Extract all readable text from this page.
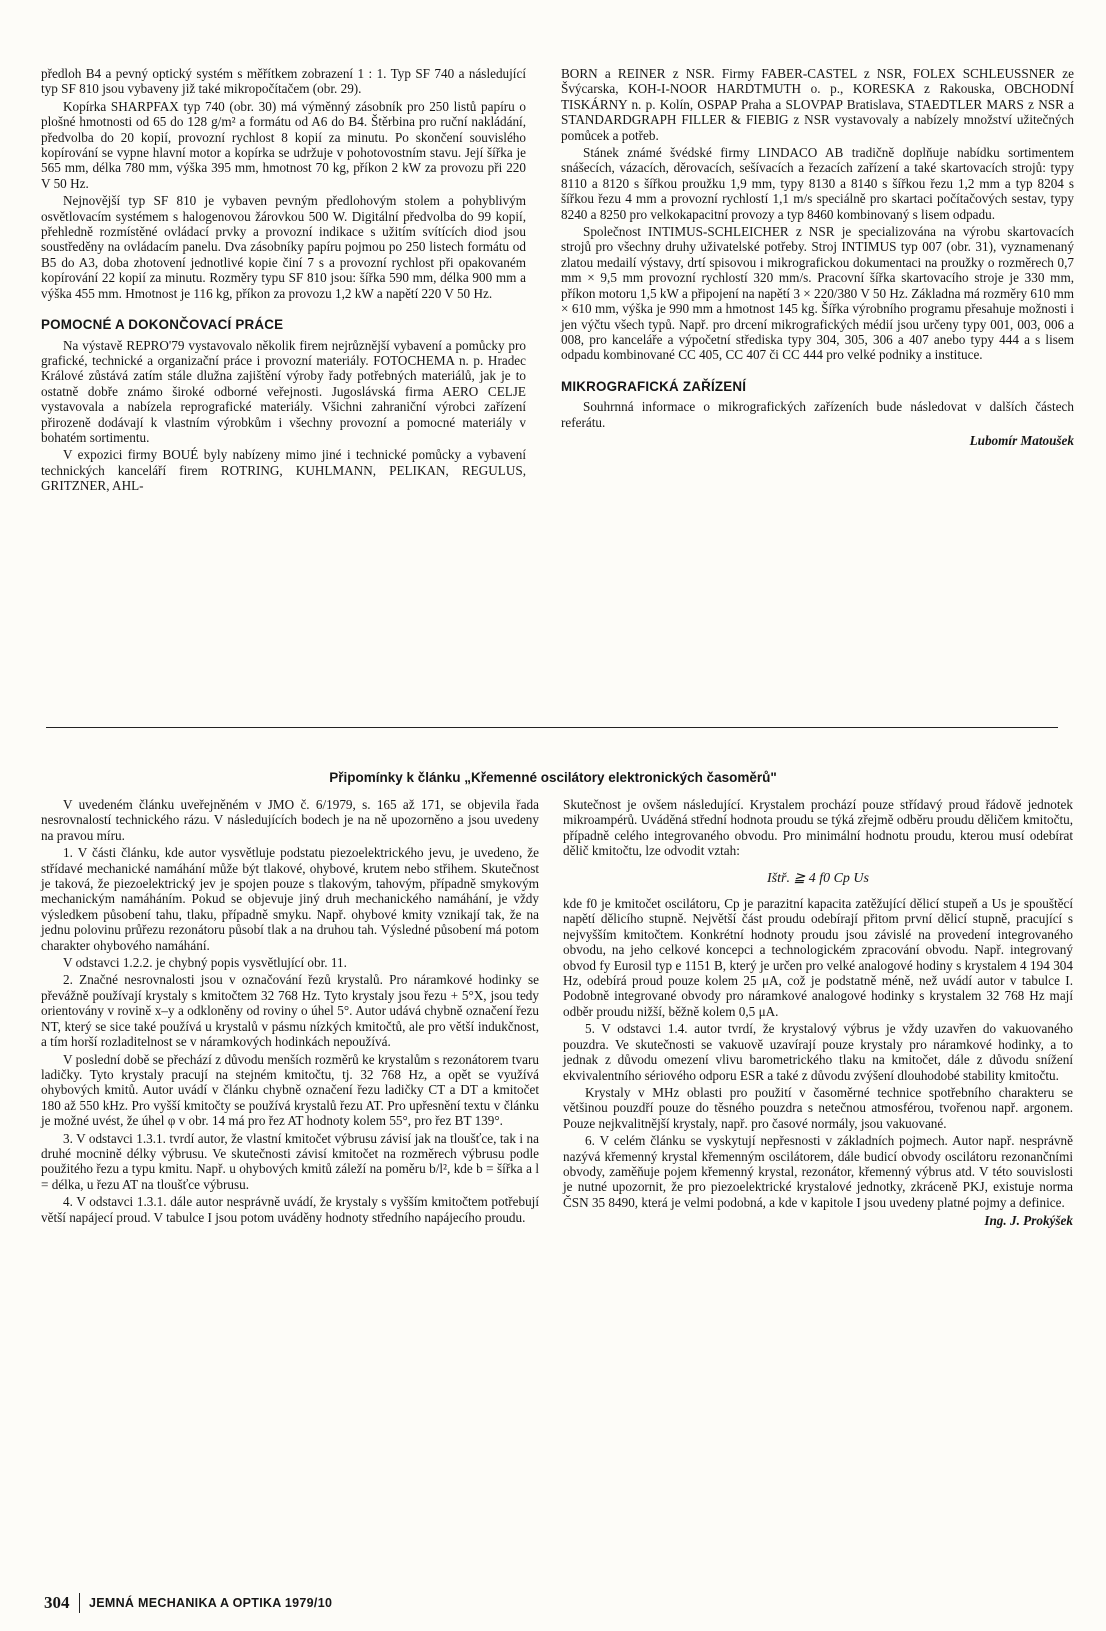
předloh B4 a pevný optický systém s měřítkem zobrazení 1 : 1. Typ SF 740 a následující typ SF 810 jsou vybaveny již také mikropočítačem (obr. 29).

Kopírka SHARPFAX typ 740 (obr. 30) má výměnný zásobník pro 250 listů papíru o plošné hmotnosti od 65 do 128 g/m² a formátu od A6 do B4. Štěrbina pro ruční nakládání, předvolba do 20 kopií, provozní rychlost 8 kopií za minutu. Po skončení souvislého kopírování se vypne hlavní motor a kopírka se udržuje v pohotovostním stavu. Její šířka je 565 mm, délka 780 mm, výška 395 mm, hmotnost 70 kg, příkon 2 kW za provozu při 220 V 50 Hz.

Nejnovější typ SF 810 je vybaven pevným předlohovým stolem a pohyblivým osvětlovacím systémem s halogenovou žárovkou 500 W. Digitální předvolba do 99 kopií, přehledně rozmístěné ovládací prvky a provozní indikace s užitím svítících diod jsou soustředěny na ovládacím panelu. Dva zásobníky papíru pojmou po 250 listech formátu od B5 do A3, doba zhotovení jednotlivé kopie činí 7 s a provozní rychlost při opakovaném kopírování 22 kopií za minutu. Rozměry typu SF 810 jsou: šířka 590 mm, délka 900 mm a výška 455 mm. Hmotnost je 116 kg, příkon za provozu 1,2 kW a napětí 220 V 50 Hz.

POMOCNÉ A DOKONČOVACÍ PRÁCE

Na výstavě REPRO'79 vystavovalo několik firem nejrůznější vybavení a pomůcky pro grafické, technické a organizační práce i provozní materiály. FOTOCHEMA n. p. Hradec Králové zůstává zatím stále dlužna zajištění výroby řady potřebných materiálů, jak je to ostatně dobře známo široké odborné veřejnosti. Jugoslávská firma AERO CELJE vystavovala a nabízela reprografické materiály. Všichni zahraniční výrobci zařízení přirozeně dodávají k vlastním výrobkům i všechny provozní a pomocné materiály v bohatém sortimentu.

V expozici firmy BOUÉ byly nabízeny mimo jiné i technické pomůcky a vybavení technických kanceláří firem ROTRING, KUHLMANN, PELIKAN, REGULUS, GRITZNER, AHL-

BORN a REINER z NSR. Firmy FABER-CASTEL z NSR, FOLEX SCHLEUSSNER ze Švýcarska, KOH-I-NOOR HARDTMUTH o. p., KORESKA z Rakouska, OBCHODNÍ TISKÁRNY n. p. Kolín, OSPAP Praha a SLOVPAP Bratislava, STAEDTLER MARS z NSR a STANDARDGRAPH FILLER & FIEBIG z NSR vystavovaly a nabízely množství užitečných pomůcek a potřeb.

Stánek známé švédské firmy LINDACO AB tradičně doplňuje nabídku sortimentem snášecích, vázacích, děrovacích, sešívacích a řezacích zařízení a také skartovacích strojů: typy 8110 a 8120 s šířkou proužku 1,9 mm, typy 8130 a 8140 s šířkou řezu 1,2 mm a typ 8204 s šířkou řezu 4 mm a provozní rychlostí 1,1 m/s speciálně pro skartaci počítačových sestav, typy 8240 a 8250 pro velkokapacitní provozy a typ 8460 kombinovaný s lisem odpadu.

Společnost INTIMUS-SCHLEICHER z NSR je specializována na výrobu skartovacích strojů pro všechny druhy uživatelské potřeby. Stroj INTIMUS typ 007 (obr. 31), vyznamenaný zlatou medailí výstavy, drtí spisovou i mikrografickou dokumentaci na proužky o rozměrech 0,7 mm × 9,5 mm provozní rychlostí 320 mm/s. Pracovní šířka skartovacího stroje je 330 mm, příkon motoru 1,5 kW a připojení na napětí 3 × 220/380 V 50 Hz. Základna má rozměry 610 mm × 610 mm, výška je 990 mm a hmotnost 145 kg. Šířka výrobního programu přesahuje možnosti i jen výčtu všech typů. Např. pro drcení mikrografických médií jsou určeny typy 001, 003, 006 a 008, pro kanceláře a výpočetní střediska typy 304, 305, 306 a 407 anebo typy 444 a s lisem odpadu kombinované CC 405, CC 407 či CC 444 pro velké podniky a instituce.

MIKROGRAFICKÁ ZAŘÍZENÍ

Souhrnná informace o mikrografických zařízeních bude následovat v dalších částech referátu.

Lubomír Matoušek
Připomínky k článku „Křemenné oscilátory elektronických časoměrů"

V uvedeném článku uveřejněném v JMO č. 6/1979, s. 165 až 171, se objevila řada nesrovnalostí technického rázu. V následujících bodech je na ně upozorněno a jsou uvedeny na pravou míru.

1. V části článku, kde autor vysvětluje podstatu piezoelektrického jevu, je uvedeno, že střídavé mechanické namáhání může být tlakové, ohybové, krutem nebo střihem. Skutečnost je taková, že piezoelektrický jev je spojen pouze s tlakovým, tahovým, případně smykovým mechanickým namáháním. Pokud se objevuje jiný druh mechanického namáhání, je vždy výsledkem působení tahu, tlaku, případně smyku. Např. ohybové kmity vznikají tak, že na jednu polovinu průřezu rezonátoru působí tlak a na druhou tah. Výsledné působení má potom charakter ohybového namáhání.

V odstavci 1.2.2. je chybný popis vysvětlující obr. 11.

2. Značné nesrovnalosti jsou v označování řezů krystalů. Pro náramkové hodinky se převážně používají krystaly s kmitočtem 32 768 Hz. Tyto krystaly jsou řezu + 5°X, jsou tedy orientovány v rovině x–y a odkloněny od roviny o úhel 5°. Autor udává chybně označení řezu NT, který se sice také používá u krystalů v pásmu nízkých kmitočtů, ale pro větší indukčnost, a tím horší rozladitelnost se v náramkových hodinkách nepoužívá.

V poslední době se přechází z důvodu menších rozměrů ke krystalům s rezonátorem tvaru ladičky. Tyto krystaly pracují na stejném kmitočtu, tj. 32 768 Hz, a opět se využívá ohybových kmitů. Autor uvádí v článku chybně označení řezu ladičky CT a DT a kmitočet 180 až 550 kHz. Pro vyšší kmitočty se používá krystalů řezu AT. Pro upřesnění textu v článku je možné uvést, že úhel φ v obr. 14 má pro řez AT hodnoty kolem 55°, pro řez BT 139°.

3. V odstavci 1.3.1. tvrdí autor, že vlastní kmitočet výbrusu závisí jak na tloušťce, tak i na druhé mocnině délky výbrusu. Ve skutečnosti závisí kmitočet na rozměrech výbrusu podle použitého řezu a typu kmitu. Např. u ohybových kmitů záleží na poměru b/l², kde b = šířka a l = délka, u řezu AT na tloušťce výbrusu.

4. V odstavci 1.3.1. dále autor nesprávně uvádí, že krystaly s vyšším kmitočtem potřebují větší napájecí proud. V tabulce I jsou potom uváděny hodnoty středního napájecího proudu.

Skutečnost je ovšem následující. Krystalem prochází pouze střídavý proud řádově jednotek mikroampérů. Uváděná střední hodnota proudu se týká zřejmě odběru proudu děličem kmitočtu, případně celého integrovaného obvodu. Pro minimální hodnotu proudu, kterou musí odebírat dělič kmitočtu, lze odvodit vztah:

Ištř. ≧ 4 f0 Cp Us

kde f0 je kmitočet oscilátoru, Cp je parazitní kapacita zatěžující dělicí stupeň a Us je spouštěcí napětí dělicího stupně. Největší část proudu odebírají přitom první dělicí stupně, pracující s nejvyšším kmitočtem. Konkrétní hodnoty proudu jsou závislé na provedení integrovaného obvodu, na jeho celkové koncepci a technologickém zpracování obvodu. Např. integrovaný obvod fy Eurosil typ e 1151 B, který je určen pro velké analogové hodiny s krystalem 4 194 304 Hz, odebírá proud pouze kolem 25 μA, což je podstatně méně, než uvádí autor v tabulce I. Podobně integrované obvody pro náramkové analogové hodinky s krystalem 32 768 Hz mají odběr proudu nižší, běžně kolem 0,5 μA.

5. V odstavci 1.4. autor tvrdí, že krystalový výbrus je vždy uzavřen do vakuovaného pouzdra. Ve skutečnosti se vakuově uzavírají pouze krystaly pro náramkové hodinky, a to jednak z důvodu omezení vlivu barometrického tlaku na kmitočet, dále z důvodu snížení ekvivalentního sériového odporu ESR a také z důvodu zvýšení dlouhodobé stability kmitočtu.

Krystaly v MHz oblasti pro použití v časoměrné technice spotřebního charakteru se většinou pouzdří pouze do těsného pouzdra s netečnou atmosférou, tvořenou např. argonem. Pouze nejkvalitnější krystaly, např. pro časové normály, jsou vakuované.

6. V celém článku se vyskytují nepřesnosti v základních pojmech. Autor např. nesprávně nazývá křemenný krystal křemenným oscilátorem, dále budicí obvody oscilátoru rezonančními obvody, zaměňuje pojem křemenný krystal, rezonátor, křemenný výbrus atd. V této souvislosti je nutné upozornit, že pro piezoelektrické krystalové jednotky, zkráceně PKJ, existuje norma ČSN 35 8490, která je velmi podobná, a kde v kapitole I jsou uvedeny platné pojmy a definice.

Ing. J. Prokýšek
304 JEMNÁ MECHANIKA A OPTIKA 1979/10
